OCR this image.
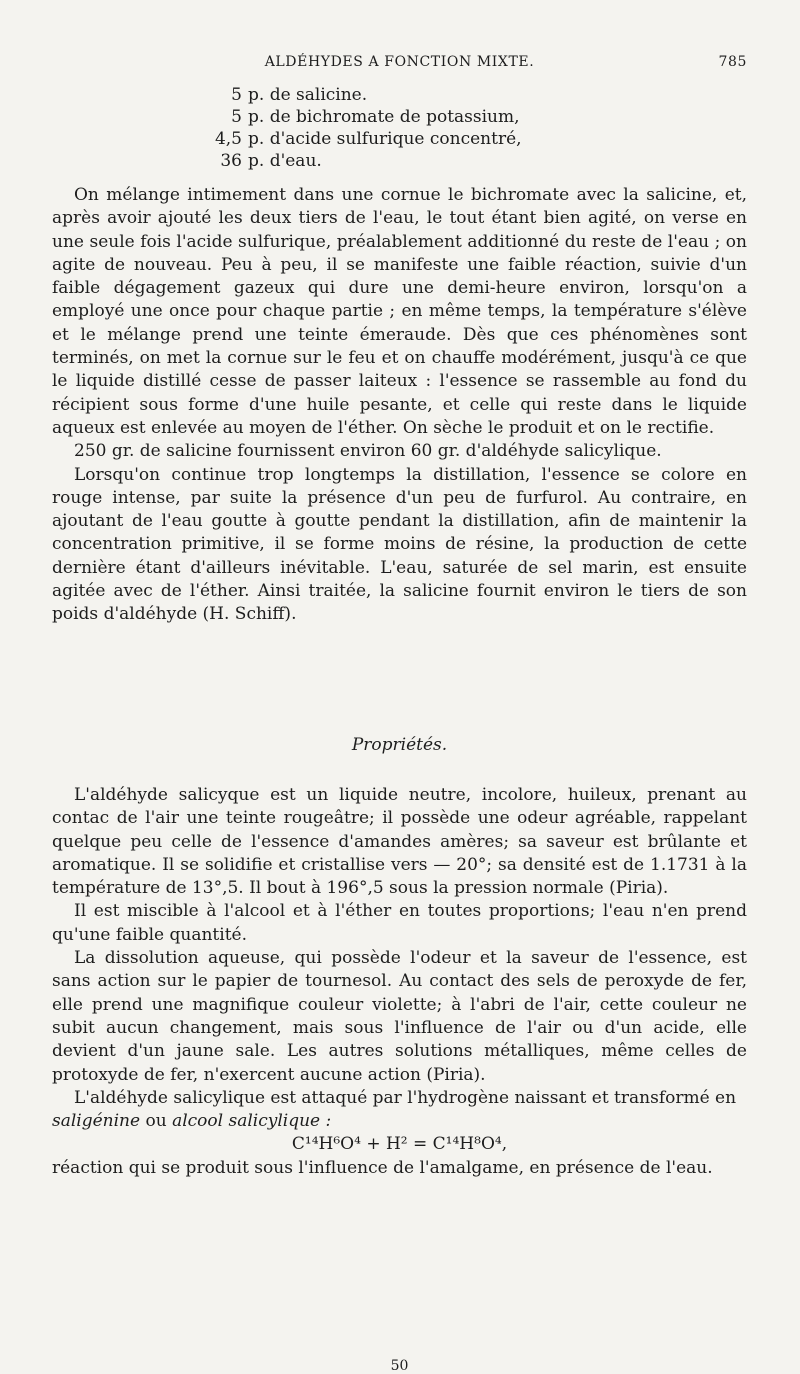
ALDÉHYDES A FONCTION MIXTE.	785
5 p. de salicine.
5 p. de bichromate de potassium,
4,5 p. d'acide sulfurique concentré,
36 p. d'eau.

On mélange intimement dans une cornue le bichromate avec la salicine, et, après avoir ajouté les deux tiers de l'eau, le tout étant bien agité, on verse en une seule fois l'acide sulfurique, préalablement additionné du reste de l'eau ; on agite de nouveau. Peu à peu, il se manifeste une faible réaction, suivie d'un faible dégagement gazeux qui dure une demi-heure environ, lorsqu'on a employé une once pour chaque partie ; en même temps, la température s'élève et le mélange prend une teinte émeraude. Dès que ces phénomènes sont terminés, on met la cornue sur le feu et on chauffe modérément, jusqu'à ce que le liquide distillé cesse de passer laiteux : l'essence se rassemble au fond du récipient sous forme d'une huile pesante, et celle qui reste dans le liquide aqueux est enlevée au moyen de l'éther. On sèche le produit et on le rectifie.

250 gr. de salicine fournissent environ 60 gr. d'aldéhyde salicylique.

Lorsqu'on continue trop longtemps la distillation, l'essence se colore en rouge intense, par suite la présence d'un peu de furfurol. Au contraire, en ajoutant de l'eau goutte à goutte pendant la distillation, afin de maintenir la concentration primitive, il se forme moins de résine, la production de cette dernière étant d'ailleurs inévitable. L'eau, saturée de sel marin, est ensuite agitée avec de l'éther. Ainsi traitée, la salicine fournit environ le tiers de son poids d'aldéhyde (H. Schiff).

Propriétés.

L'aldéhyde salicyque est un liquide neutre, incolore, huileux, prenant au contac de l'air une teinte rougeâtre; il possède une odeur agréable, rappelant quelque peu celle de l'essence d'amandes amères; sa saveur est brûlante et aromatique. Il se solidifie et cristallise vers — 20°; sa densité est de 1.1731 à la température de 13°,5. Il bout à 196°,5 sous la pression normale (Piria).

Il est miscible à l'alcool et à l'éther en toutes proportions; l'eau n'en prend qu'une faible quantité.

La dissolution aqueuse, qui possède l'odeur et la saveur de l'essence, est sans action sur le papier de tournesol. Au contact des sels de peroxyde de fer, elle prend une magnifique couleur violette; à l'abri de l'air, cette couleur ne subit aucun changement, mais sous l'influence de l'air ou d'un acide, elle devient d'un jaune sale. Les autres solutions métalliques, même celles de protoxyde de fer, n'exercent aucune action (Piria).

L'aldéhyde salicylique est attaqué par l'hydrogène naissant et transformé en

saligénine ou alcool salicylique :

C¹⁴H⁶O⁴ + H² = C¹⁴H⁸O⁴,

réaction qui se produit sous l'influence de l'amalgame, en présence de l'eau.

50
